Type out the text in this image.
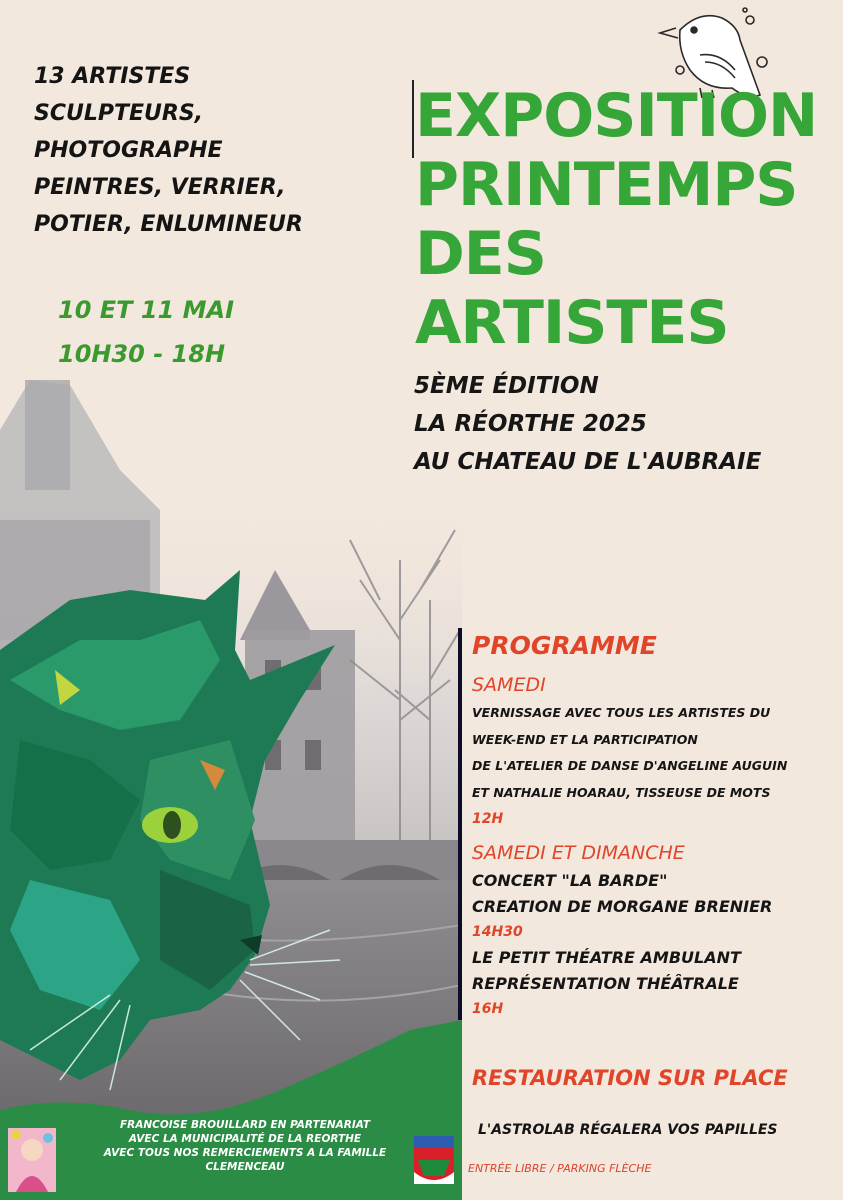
13 ARTISTES
SCULPTEURS,
PHOTOGRAPHE
PEINTRES, VERRIER,
POTIER, ENLUMINEUR
10 ET 11 MAI
10H30 - 18H
EXPOSITION
PRINTEMPS
DES
ARTISTES
5ÈME ÉDITION
LA RÉORTHE 2025
AU CHATEAU DE L'AUBRAIE
PROGRAMME
SAMEDI
VERNISSAGE AVEC TOUS LES ARTISTES DU
WEEK-END ET LA PARTICIPATION
DE L'ATELIER DE DANSE D'ANGELINE AUGUIN
ET NATHALIE HOARAU, TISSEUSE DE MOTS
12H
SAMEDI ET DIMANCHE
CONCERT "LA BARDE"
CREATION DE MORGANE BRENIER
14H30
LE PETIT THÉATRE AMBULANT
REPRÉSENTATION THÉÂTRALE
16H
RESTAURATION SUR PLACE
L'ASTROLAB RÉGALERA VOS PAPILLES
ENTRÉE LIBRE / PARKING FLÈCHE
FRANCOISE BROUILLARD EN PARTENARIAT
AVEC LA MUNICIPALITÉ DE LA REORTHE
AVEC TOUS NOS REMERCIEMENTS A LA FAMILLE
CLEMENCEAU
